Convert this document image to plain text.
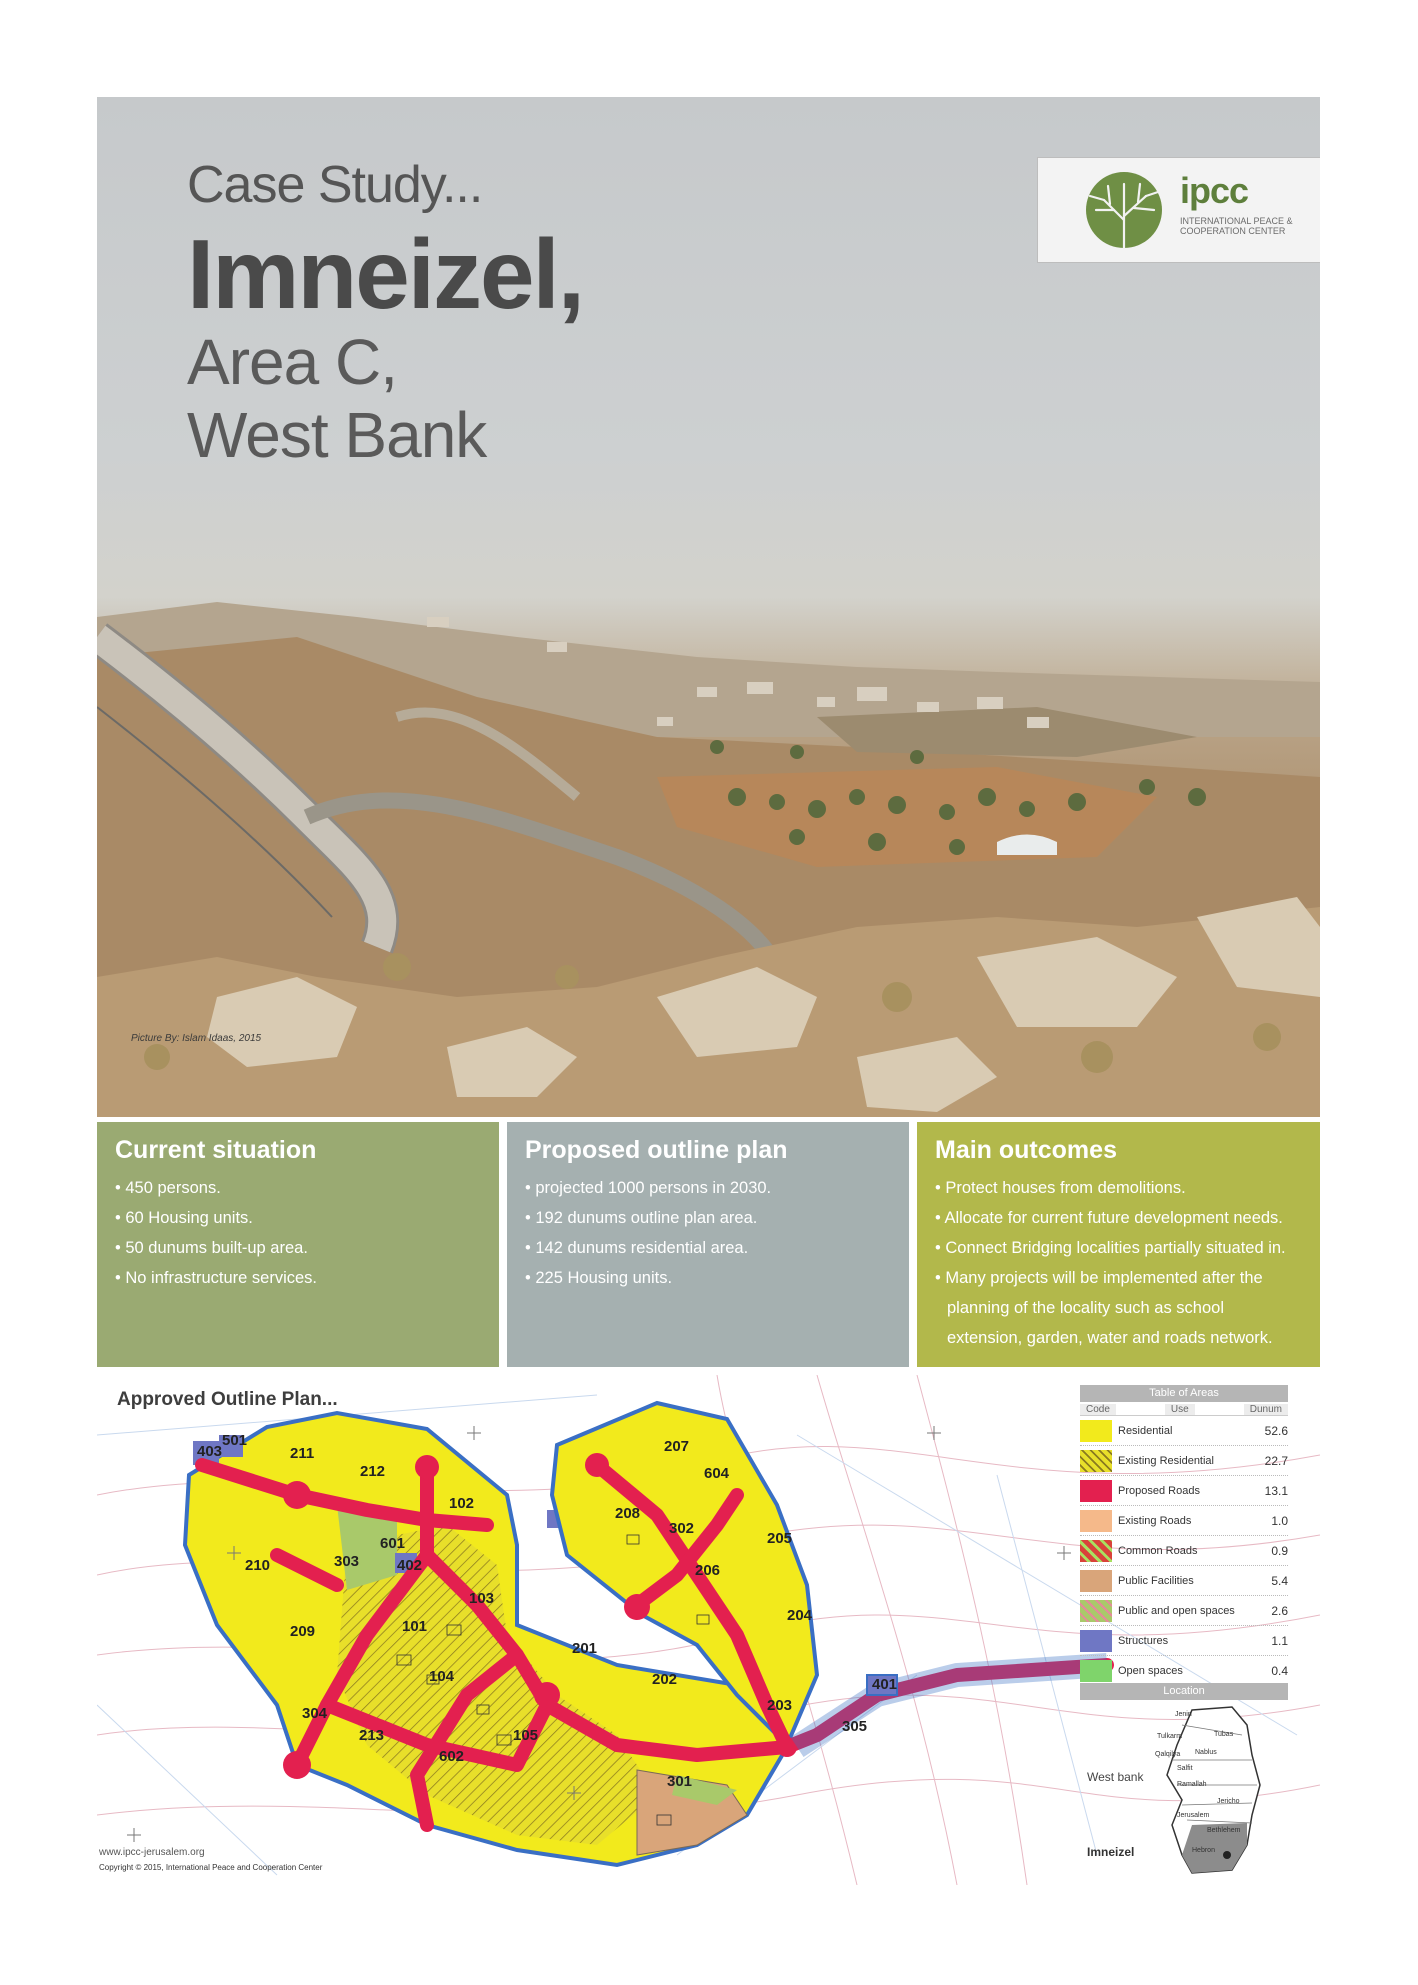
Case Study...
Imneizel,
Area C,
West Bank
ipcc
INTERNATIONAL PEACE & COOPERATION CENTER
Picture By: Islam Idaas, 2015
Current situation
• 450 persons.
• 60 Housing units.
• 50 dunums built-up area.
• No infrastructure services.
Proposed outline plan
• projected 1000 persons in 2030.
• 192 dunums outline plan area.
• 142 dunums residential area.
• 225 Housing units.
Main outcomes
• Protect houses from demolitions.
• Allocate for current future development needs.
• Connect Bridging localities partially situated in.
• Many projects will be implemented after the planning of the locality such as school extension, garden, water and roads network.
Approved Outline Plan...
403
501
211
212
102
601
210	303	402
103
101
209
104
304
213
602
105
201
202
203
301
207
604
208
302
205
206
204
401
305
www.ipcc-jerusalem.org
Copyright © 2015, International Peace and Cooperation Center
Table of Areas
Code	Use	Dunum
Residential	52.6
Existing Residential	22.7
Proposed Roads	13.1
Existing Roads	1.0
Common Roads	0.9
Public Facilities	5.4
Public and open spaces	2.6
Structures	1.1
Open spaces	0.4
Location
Jenin
Tubas
Tulkarm
Nablus
Qalqilya
Salfit
Ramallah
Jericho
Jerusalem
Bethlehem
Hebron
West bank
Imneizel
